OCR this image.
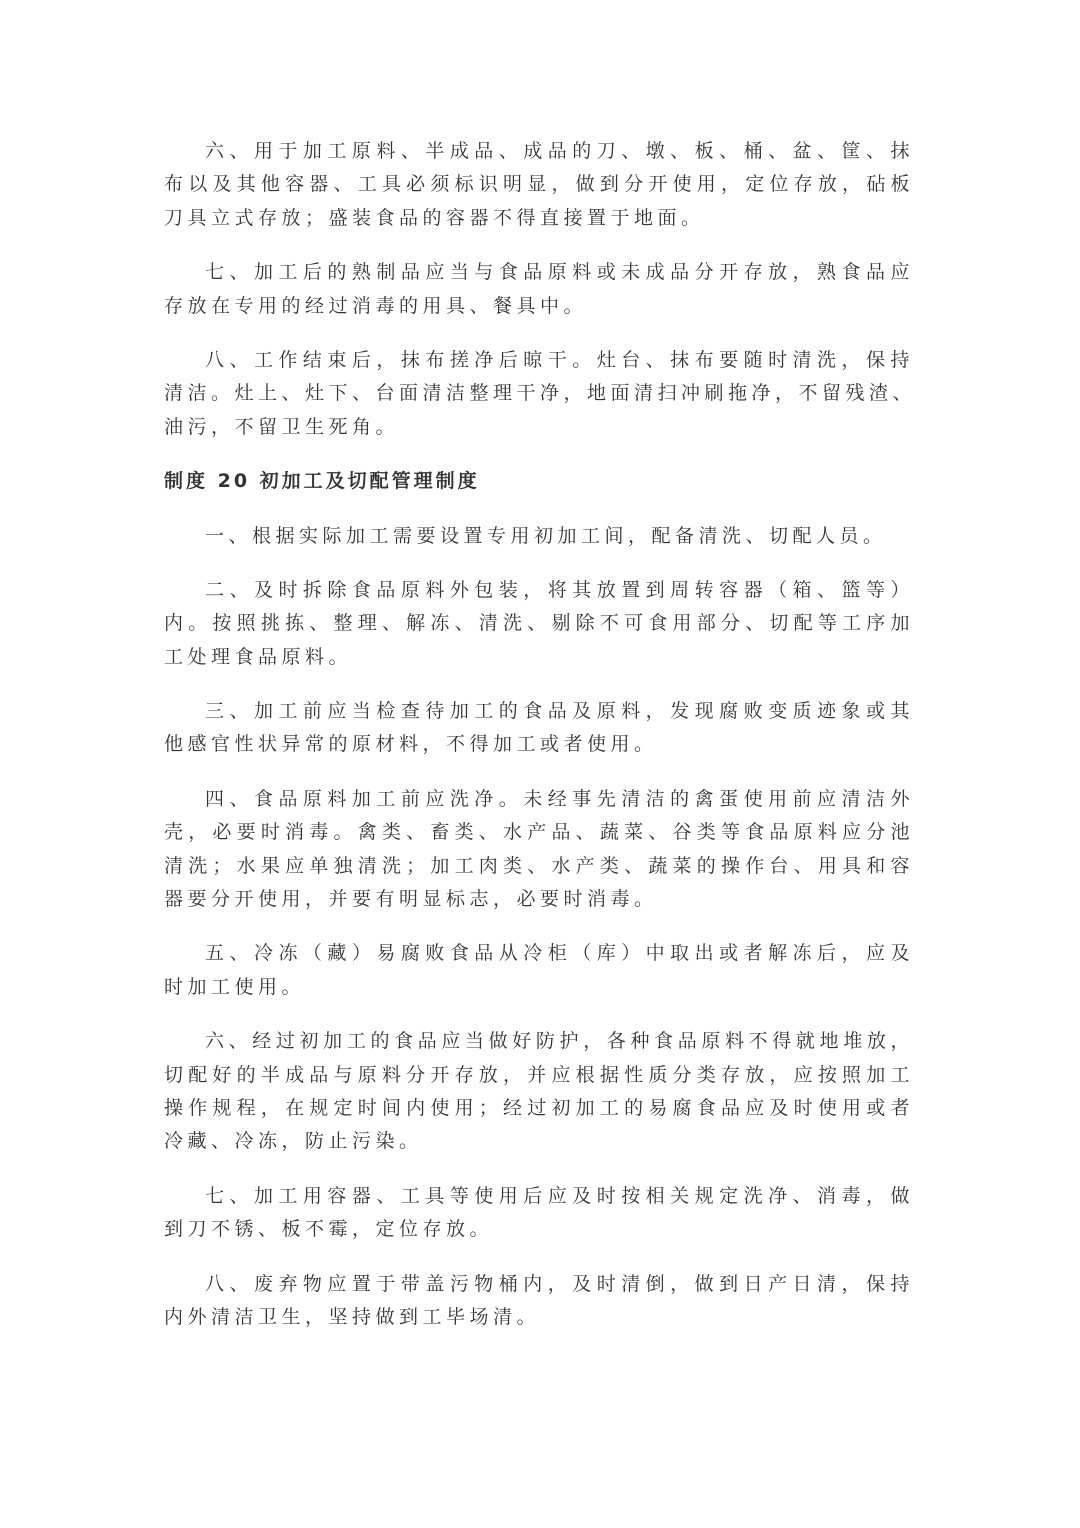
六、用于加工原料、半成品、成品的刀、墩、板、桶、盆、筐、抹
布以及其他容器、工具必须标识明显，做到分开使用，定位存放，砧板
刀具立式存放；盛装食品的容器不得直接置于地面。
七、加工后的熟制品应当与食品原料或未成品分开存放，熟食品应
存放在专用的经过消毒的用具、餐具中。
八、工作结束后，抹布搓净后晾干。灶台、抹布要随时清洗，保持
清洁。灶上、灶下、台面清洁整理干净，地面清扫冲刷拖净，不留残渣、
油污，不留卫生死角。
制度 20 初加工及切配管理制度
一、根据实际加工需要设置专用初加工间，配备清洗、切配人员。
二、及时拆除食品原料外包装，将其放置到周转容器（箱、篮等）
内。按照挑拣、整理、解冻、清洗、剔除不可食用部分、切配等工序加
工处理食品原料。
三、加工前应当检查待加工的食品及原料，发现腐败变质迹象或其
他感官性状异常的原材料，不得加工或者使用。
四、食品原料加工前应洗净。未经事先清洁的禽蛋使用前应清洁外
壳，必要时消毒。禽类、畜类、水产品、蔬菜、谷类等食品原料应分池
清洗；水果应单独清洗；加工肉类、水产类、蔬菜的操作台、用具和容
器要分开使用，并要有明显标志，必要时消毒。
五、冷冻（藏）易腐败食品从冷柜（库）中取出或者解冻后，应及
时加工使用。
六、经过初加工的食品应当做好防护，各种食品原料不得就地堆放，
切配好的半成品与原料分开存放，并应根据性质分类存放，应按照加工
操作规程，在规定时间内使用；经过初加工的易腐食品应及时使用或者
冷藏、冷冻，防止污染。
七、加工用容器、工具等使用后应及时按相关规定洗净、消毒，做
到刀不锈、板不霉，定位存放。
八、废弃物应置于带盖污物桶内，及时清倒，做到日产日清，保持
内外清洁卫生，坚持做到工毕场清。
